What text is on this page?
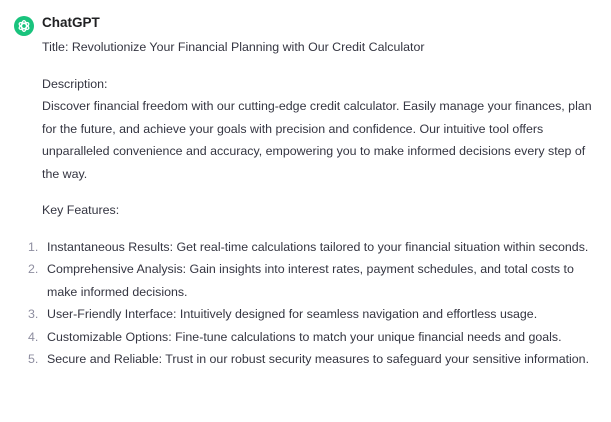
ChatGPT

Title: Revolutionize Your Financial Planning with Our Credit Calculator

Description:

Discover financial freedom with our cutting-edge credit calculator. Easily manage your finances, plan for the future, and achieve your goals with precision and confidence. Our intuitive tool offers unparalleled convenience and accuracy, empowering you to make informed decisions every step of the way.

Key Features:

1. Instantaneous Results: Get real-time calculations tailored to your financial situation within seconds.
2. Comprehensive Analysis: Gain insights into interest rates, payment schedules, and total costs to make informed decisions.
3. User-Friendly Interface: Intuitively designed for seamless navigation and effortless usage.
4. Customizable Options: Fine-tune calculations to match your unique financial needs and goals.
5. Secure and Reliable: Trust in our robust security measures to safeguard your sensitive information.
